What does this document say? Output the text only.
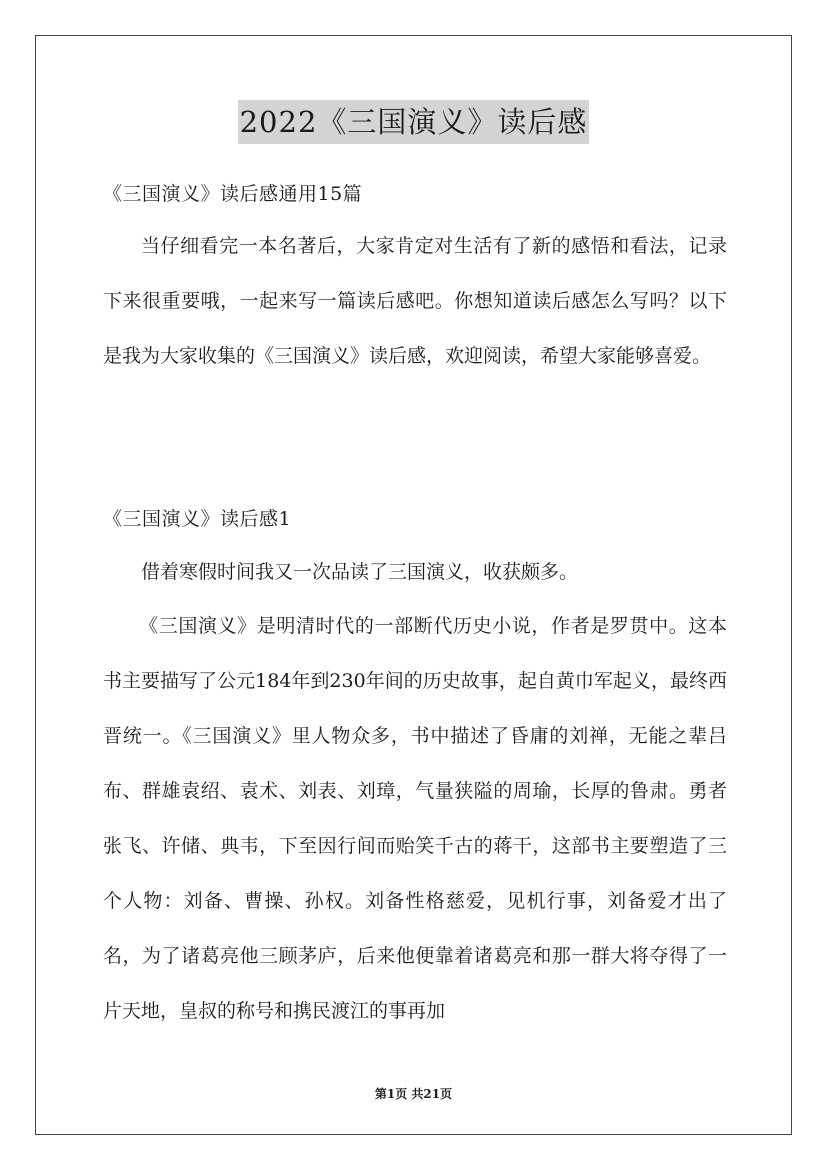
2022《三国演义》读后感

《三国演义》读后感通用15篇

当仔细看完一本名著后，大家肯定对生活有了新的感悟和看法，记录下来很重要哦，一起来写一篇读后感吧。你想知道读后感怎么写吗？以下是我为大家收集的《三国演义》读后感，欢迎阅读，希望大家能够喜爱。

《三国演义》读后感1

借着寒假时间我又一次品读了三国演义，收获颇多。

《三国演义》是明清时代的一部断代历史小说，作者是罗贯中。这本书主要描写了公元184年到230年间的历史故事，起自黄巾军起义，最终西晋统一。《三国演义》里人物众多，书中描述了昏庸的刘禅，无能之辈吕布、群雄袁绍、袁术、刘表、刘璋，气量狭隘的周瑜，长厚的鲁肃。勇者张飞、许储、典韦，下至因行间而贻笑千古的蒋干，这部书主要塑造了三个人物：刘备、曹操、孙权。刘备性格慈爱，见机行事，刘备爱才出了名，为了诸葛亮他三顾茅庐，后来他便靠着诸葛亮和那一群大将夺得了一片天地，皇叔的称号和携民渡江的事再加

第1页 共21页
